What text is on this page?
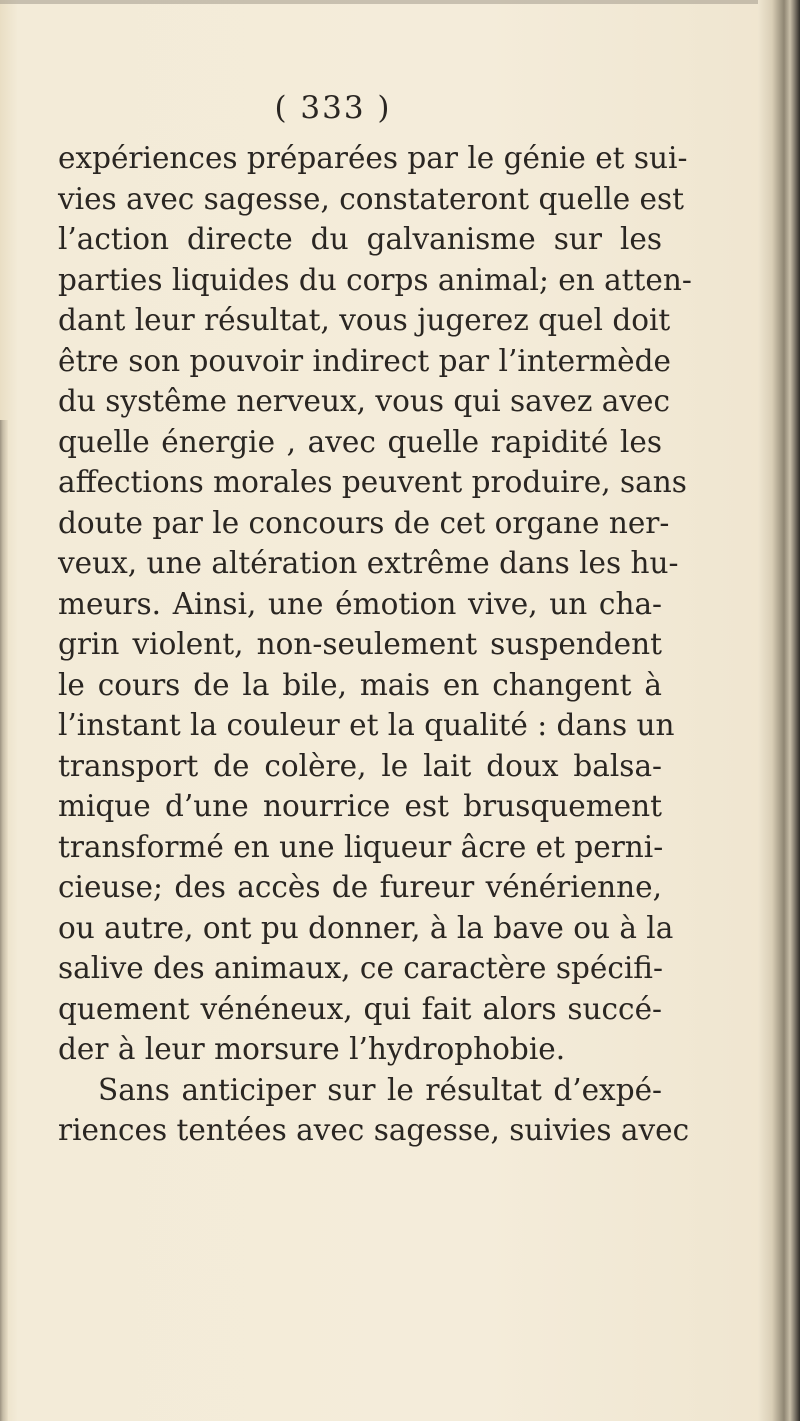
( 333 )
expériences préparées par le génie et sui-
vies avec sagesse, constateront quelle est
l’action directe du galvanisme sur les
parties liquides du corps animal; en atten-
dant leur résultat, vous jugerez quel doit
être son pouvoir indirect par l’intermède
du systême nerveux, vous qui savez avec
quelle énergie , avec quelle rapidité les
affections morales peuvent produire, sans
doute par le concours de cet organe ner-
veux, une altération extrême dans les hu-
meurs. Ainsi, une émotion vive, un cha-
grin violent, non-seulement suspendent
le cours de la bile, mais en changent à
l’instant la couleur et la qualité : dans un
transport de colère, le lait doux balsa-
mique d’une nourrice est brusquement
transformé en une liqueur âcre et perni-
cieuse; des accès de fureur vénérienne,
ou autre, ont pu donner, à la bave ou à la
salive des animaux, ce caractère spécifi-
quement vénéneux, qui fait alors succé-
der à leur morsure l’hydrophobie.
Sans anticiper sur le résultat d’expé-
riences tentées avec sagesse, suivies avec
